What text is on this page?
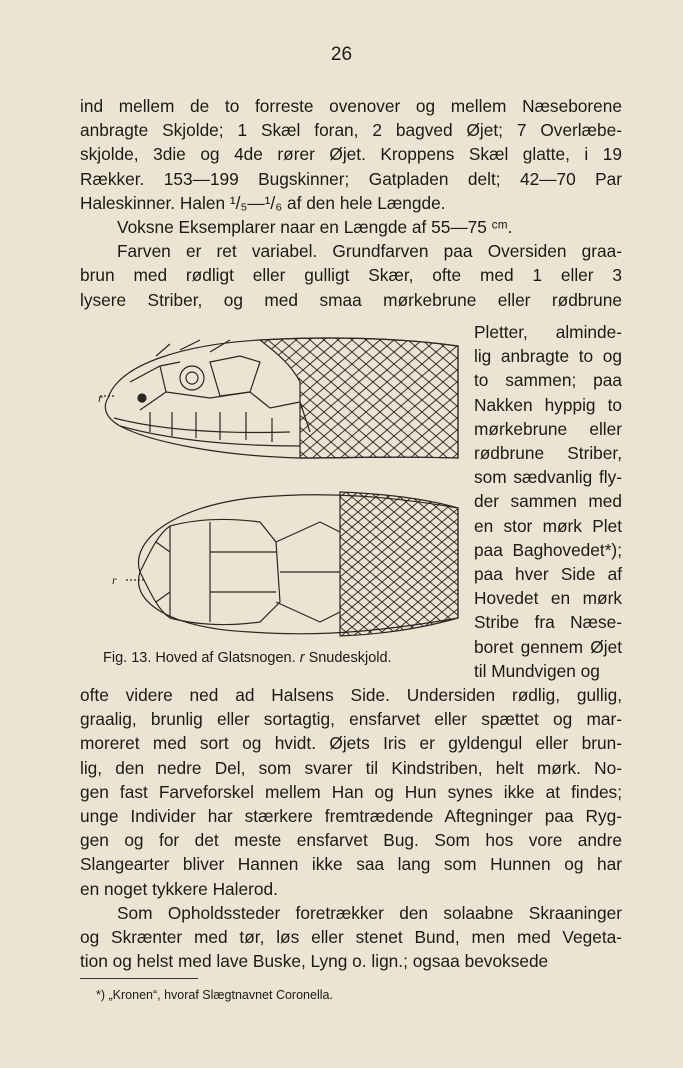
26
ind mellem de to forreste ovenover og mellem Næseborene
anbragte Skjolde; 1 Skæl foran, 2 bagved Øjet; 7 Overlæbe-
skjolde, 3die og 4de rører Øjet. Kroppens Skæl glatte, i 19
Rækker. 153—199 Bugskinner; Gatpladen delt; 42—70 Par
Haleskinner. Halen ¹/₅—¹/₆ af den hele Længde.
Voksne Eksemplarer naar en Længde af 55—75 ᶜᵐ.
Farven er ret variabel. Grundfarven paa Oversiden graa-
brun med rødligt eller gulligt Skær, ofte med 1 eller 3
lysere Striber, og med smaa mørkebrune eller rødbrune
Pletter, alminde-
lig anbragte to og
to sammen; paa
Nakken hyppig to
mørkebrune eller
rødbrune Striber,
som sædvanlig fly-
der sammen med
en stor mørk Plet
paa Baghovedet*);
paa hver Side af
Hovedet en mørk
Stribe fra Næse-
boret gennem Øjet
til Mundvigen og
ofte videre ned ad Halsens Side. Undersiden rødlig, gullig,
graalig, brunlig eller sortagtig, ensfarvet eller spættet og mar-
moreret med sort og hvidt. Øjets Iris er gyldengul eller brun-
lig, den nedre Del, som svarer til Kindstriben, helt mørk. No-
gen fast Farveforskel mellem Han og Hun synes ikke at findes;
unge Individer har stærkere fremtrædende Aftegninger paa Ryg-
gen og for det meste ensfarvet Bug. Som hos vore andre
Slangearter bliver Hannen ikke saa lang som Hunnen og har
en noget tykkere Halerod.
Som Opholdssteder foretrækker den solaabne Skraaninger
og Skrænter med tør, løs eller stenet Bund, men med Vegeta-
tion og helst med lave Buske, Lyng o. lign.; ogsaa bevoksede
r
r
Fig. 13. Hoved af Glatsnogen. r Snudeskjold.
*) „Kronen“, hvoraf Slægtnavnet Coronella.
